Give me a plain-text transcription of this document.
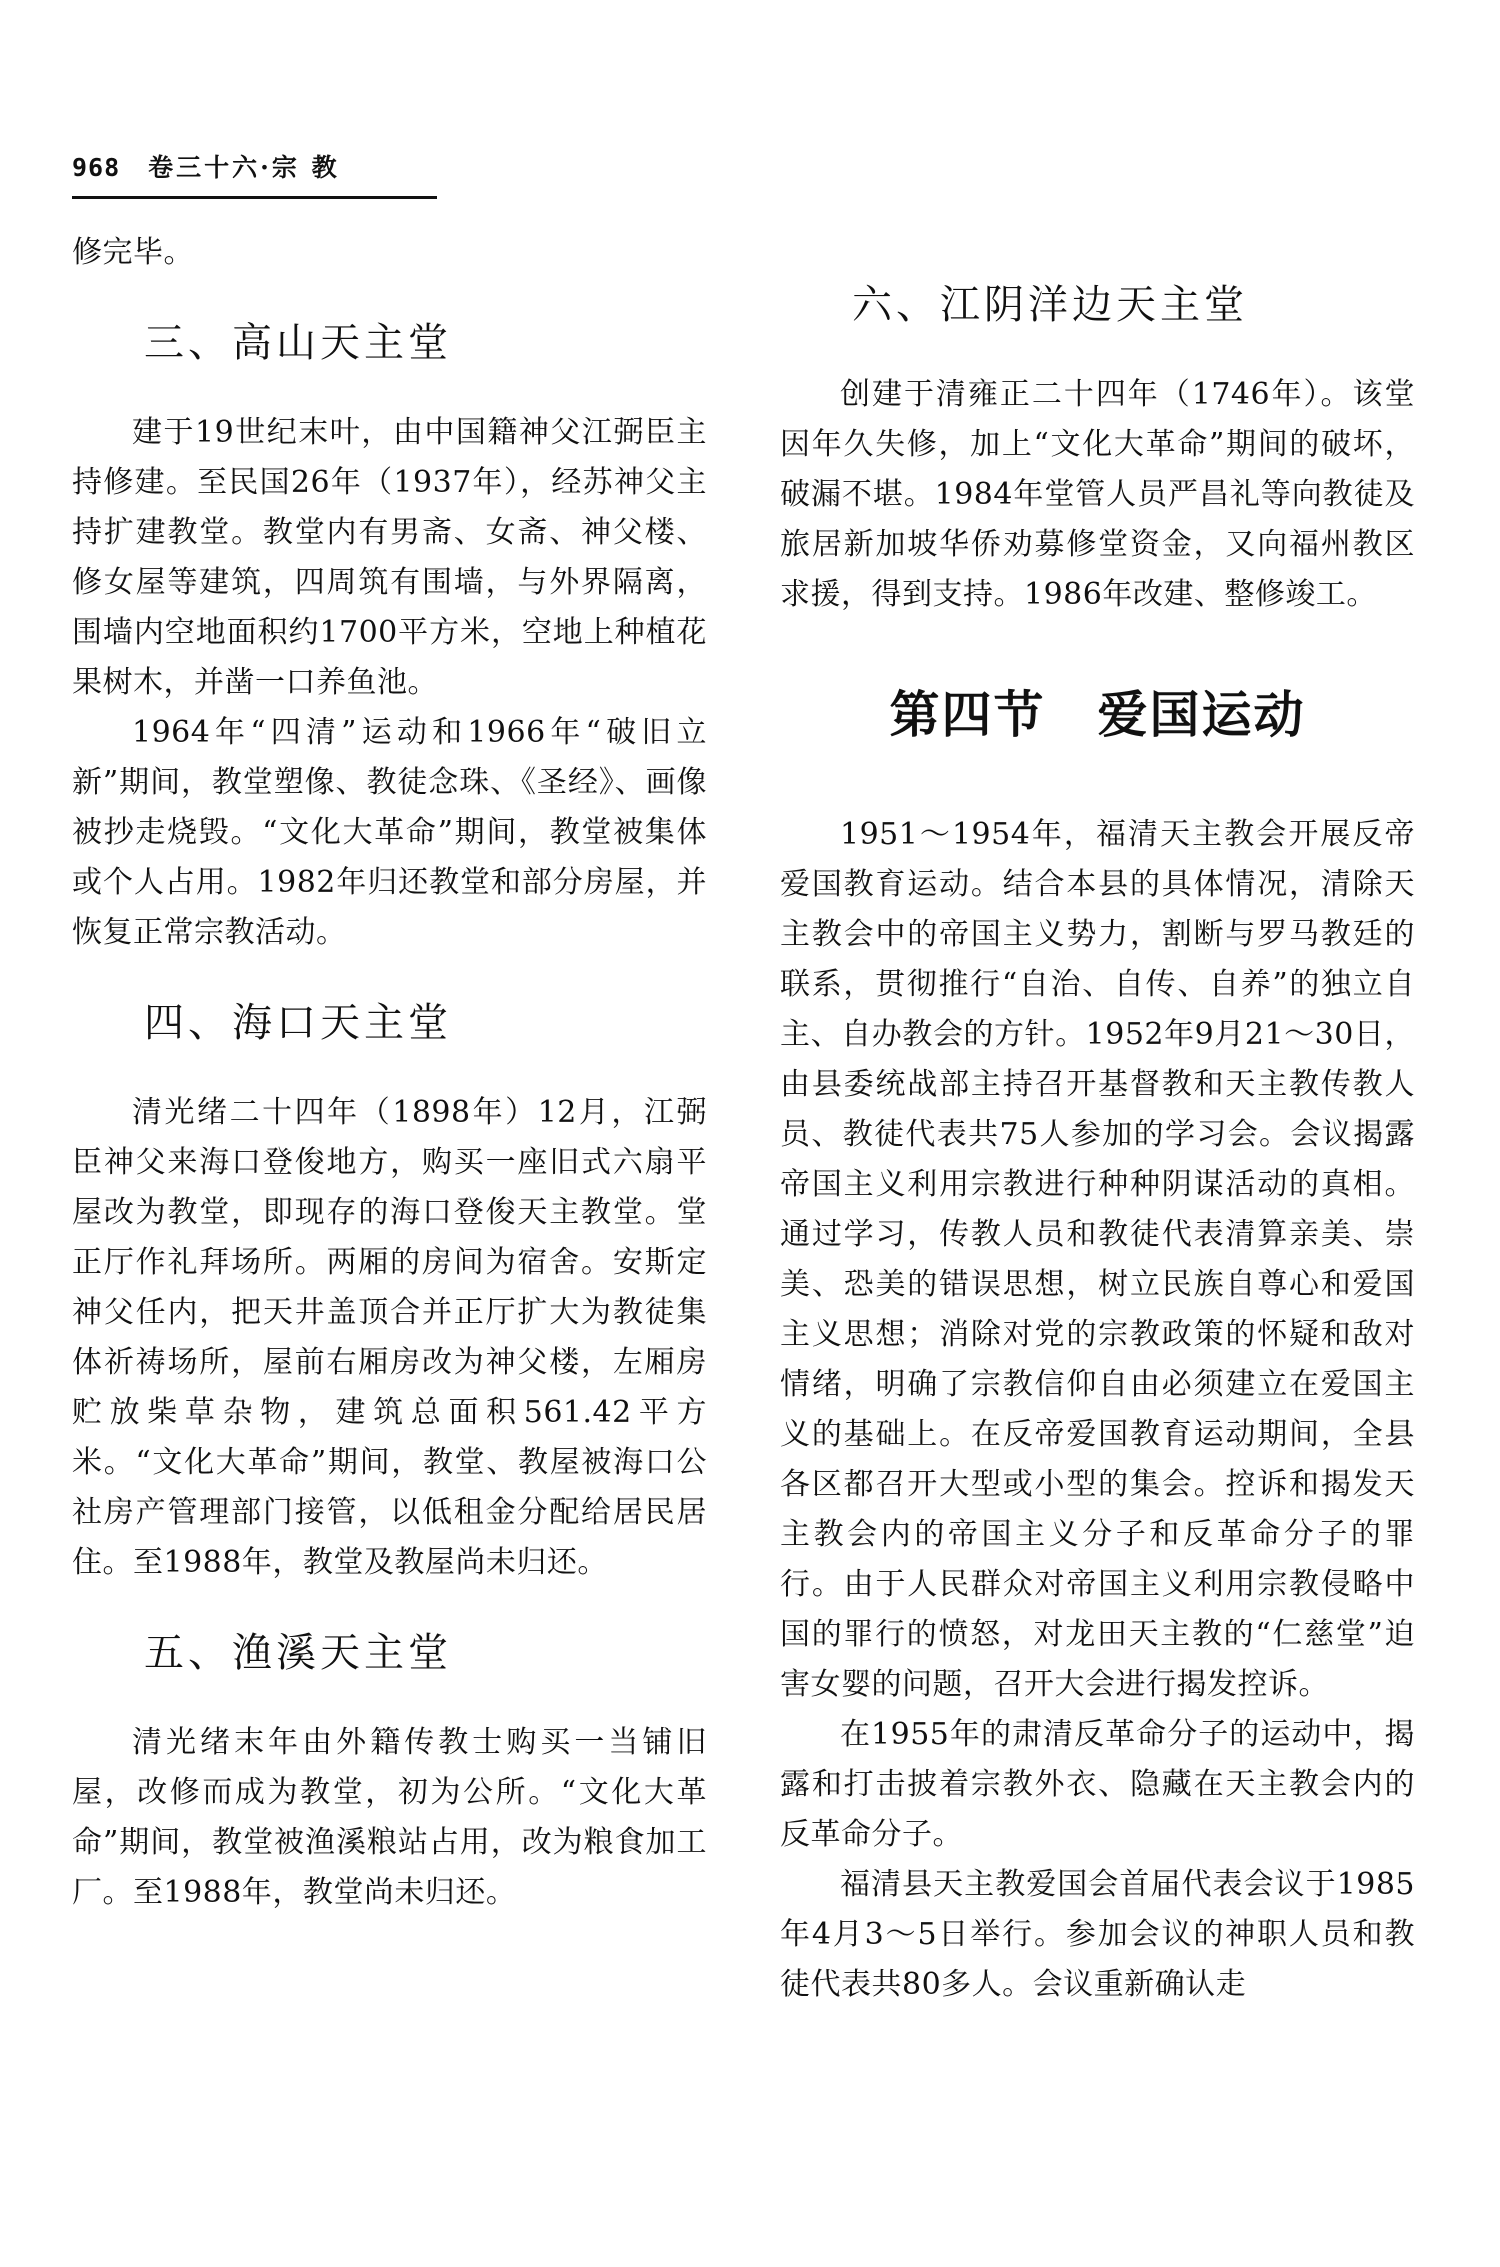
968 卷三十六·宗 教

修完毕。

三、高山天主堂

建于19世纪末叶，由中国籍神父江弼臣主持修建。至民国26年（1937年），经苏神父主持扩建教堂。教堂内有男斋、女斋、神父楼、修女屋等建筑，四周筑有围墙，与外界隔离，围墙内空地面积约1700平方米，空地上种植花果树木，并凿一口养鱼池。

1964年“四清”运动和1966年“破旧立新”期间，教堂塑像、教徒念珠、《圣经》、画像被抄走烧毁。“文化大革命”期间，教堂被集体或个人占用。1982年归还教堂和部分房屋，并恢复正常宗教活动。

四、海口天主堂

清光绪二十四年（1898年）12月，江弼臣神父来海口登俊地方，购买一座旧式六扇平屋改为教堂，即现存的海口登俊天主教堂。堂正厅作礼拜场所。两厢的房间为宿舍。安斯定神父任内，把天井盖顶合并正厅扩大为教徒集体祈祷场所，屋前右厢房改为神父楼，左厢房贮放柴草杂物，建筑总面积561.42平方米。“文化大革命”期间，教堂、教屋被海口公社房产管理部门接管，以低租金分配给居民居住。至1988年，教堂及教屋尚未归还。

五、渔溪天主堂

清光绪末年由外籍传教士购买一当铺旧屋，改修而成为教堂，初为公所。“文化大革命”期间，教堂被渔溪粮站占用，改为粮食加工厂。至1988年，教堂尚未归还。

六、江阴洋边天主堂

创建于清雍正二十四年（1746年）。该堂因年久失修，加上“文化大革命”期间的破坏，破漏不堪。1984年堂管人员严昌礼等向教徒及旅居新加坡华侨劝募修堂资金，又向福州教区求援，得到支持。1986年改建、整修竣工。

第四节　爱国运动

1951～1954年，福清天主教会开展反帝爱国教育运动。结合本县的具体情况，清除天主教会中的帝国主义势力，割断与罗马教廷的联系，贯彻推行“自治、自传、自养”的独立自主、自办教会的方针。1952年9月21～30日，由县委统战部主持召开基督教和天主教传教人员、教徒代表共75人参加的学习会。会议揭露帝国主义利用宗教进行种种阴谋活动的真相。通过学习，传教人员和教徒代表清算亲美、崇美、恐美的错误思想，树立民族自尊心和爱国主义思想；消除对党的宗教政策的怀疑和敌对情绪，明确了宗教信仰自由必须建立在爱国主义的基础上。在反帝爱国教育运动期间，全县各区都召开大型或小型的集会。控诉和揭发天主教会内的帝国主义分子和反革命分子的罪行。由于人民群众对帝国主义利用宗教侵略中国的罪行的愤怒，对龙田天主教的“仁慈堂”迫害女婴的问题，召开大会进行揭发控诉。

在1955年的肃清反革命分子的运动中，揭露和打击披着宗教外衣、隐藏在天主教会内的反革命分子。

福清县天主教爱国会首届代表会议于1985年4月3～5日举行。参加会议的神职人员和教徒代表共80多人。会议重新确认走
